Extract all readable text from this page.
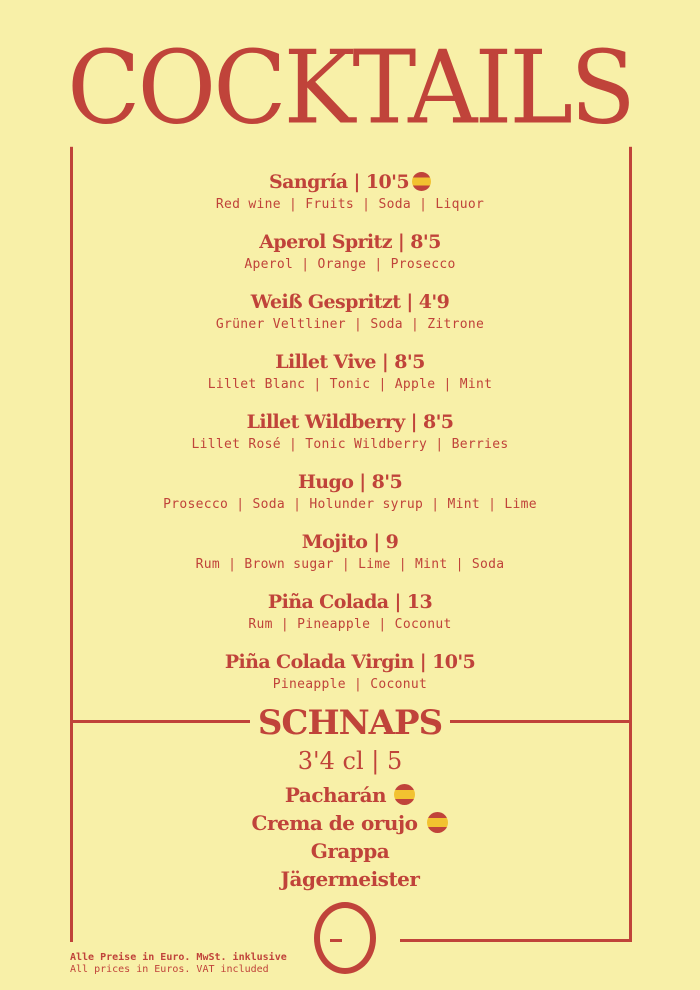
COCKTAILS
Sangría | 10'5
Red wine | Fruits | Soda | Liquor
Aperol Spritz | 8'5
Aperol | Orange | Prosecco
Weiß Gespritzt | 4'9
Grüner Veltliner | Soda | Zitrone
Lillet Vive | 8'5
Lillet Blanc | Tonic | Apple | Mint
Lillet Wildberry | 8'5
Lillet Rosé | Tonic Wildberry | Berries
Hugo | 8'5
Prosecco | Soda | Holunder syrup | Mint | Lime
Mojito | 9
Rum | Brown sugar | Lime | Mint | Soda
Piña Colada | 13
Rum | Pineapple | Coconut
Piña Colada Virgin | 10'5
Pineapple | Coconut
SCHNAPS
3'4 cl | 5
Pacharán
Crema de orujo
Grappa
Jägermeister
Alle Preise in Euro. MwSt. inklusive
All prices in Euros. VAT included
